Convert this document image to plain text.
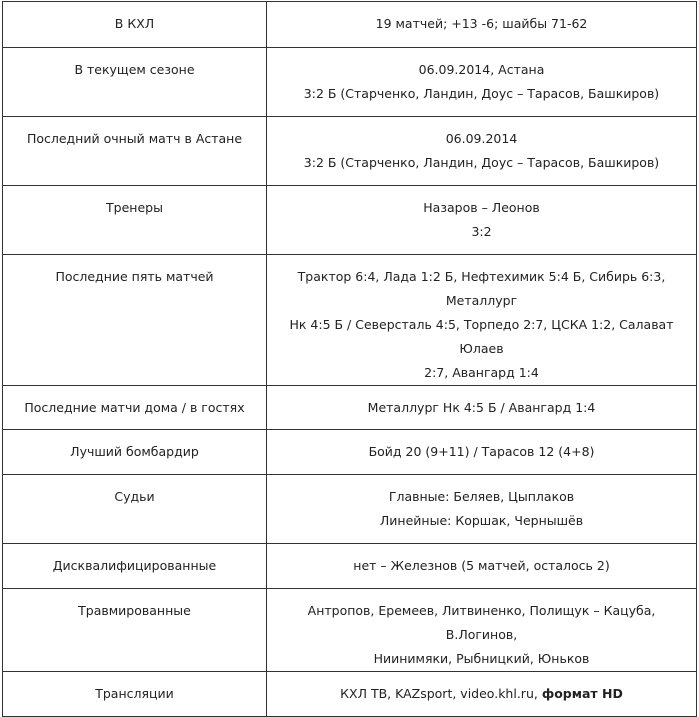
В КХЛ	19 матчей; +13 -6; шайбы 71-62

В текущем сезоне	06.09.2014, Астана
3:2 Б (Старченко, Ландин, Доус – Тарасов, Башкиров)

Последний очный матч в Астане	06.09.2014
3:2 Б (Старченко, Ландин, Доус – Тарасов, Башкиров)

Тренеры	Назаров – Леонов
3:2

Последние пять матчей	Трактор 6:4, Лада 1:2 Б, Нефтехимик 5:4 Б, Сибирь 6:3, Металлург
Нк 4:5 Б / Северсталь 4:5, Торпедо 2:7, ЦСКА 1:2, Салават Юлаев
2:7, Авангард 1:4

Последние матчи дома / в гостях	Металлург Нк 4:5 Б / Авангард 1:4

Лучший бомбардир	Бойд 20 (9+11) / Тарасов 12 (4+8)

Судьи	Главные: Беляев, Цыплаков
Линейные: Коршак, Чернышёв

Дисквалифицированные	нет – Железнов (5 матчей, осталось 2)

Травмированные	Антропов, Еремеев, Литвиненко, Полищук – Кацуба, В.Логинов,
Ниинимяки, Рыбницкий, Юньков

Трансляции	КХЛ ТВ, KAZsport, video.khl.ru, формат HD
